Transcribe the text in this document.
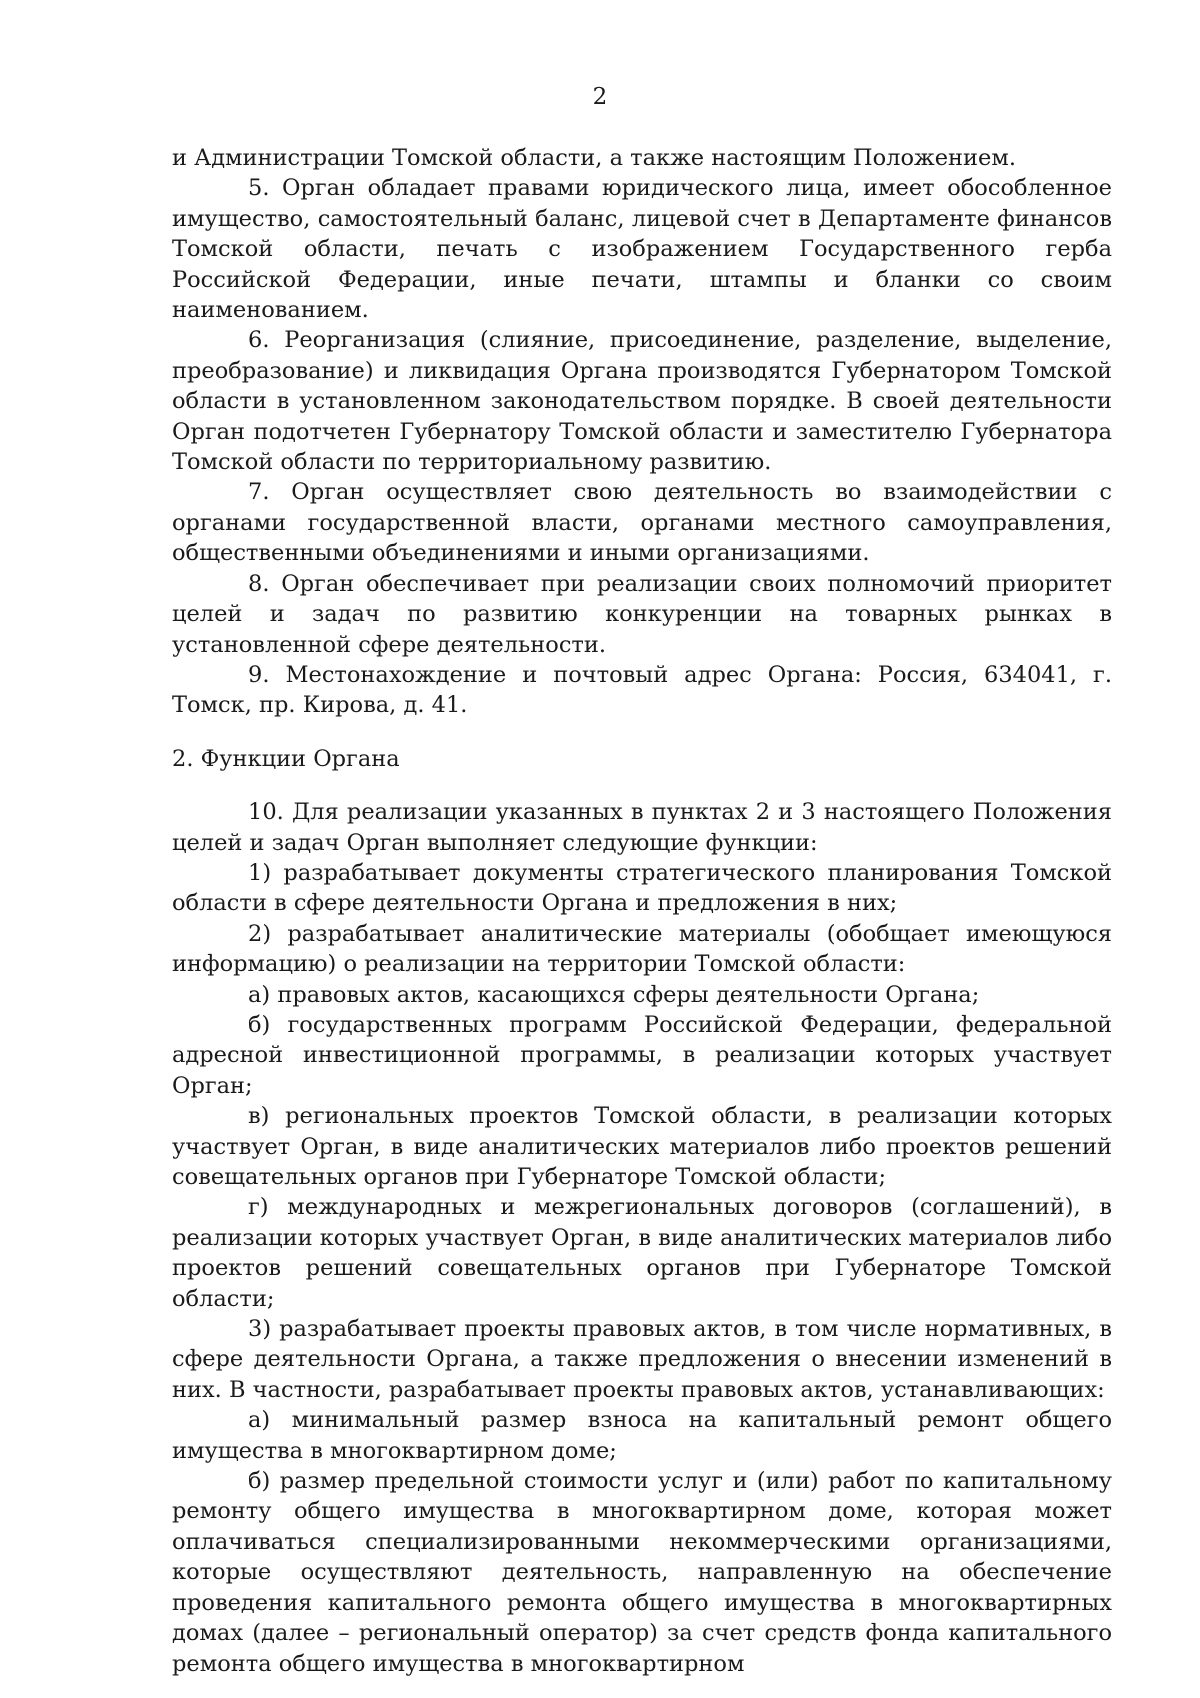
2

и Администрации Томской области, а также настоящим Положением.

5. Орган обладает правами юридического лица, имеет обособленное имущество, самостоятельный баланс, лицевой счет в Департаменте финансов Томской области, печать с изображением Государственного герба Российской Федерации, иные печати, штампы и бланки со своим наименованием.

6. Реорганизация (слияние, присоединение, разделение, выделение, преобразование) и ликвидация Органа производятся Губернатором Томской области в установленном законодательством порядке. В своей деятельности Орган подотчетен Губернатору Томской области и заместителю Губернатора Томской области по территориальному развитию.

7. Орган осуществляет свою деятельность во взаимодействии с органами государственной власти, органами местного самоуправления, общественными объединениями и иными организациями.

8. Орган обеспечивает при реализации своих полномочий приоритет целей и задач по развитию конкуренции на товарных рынках в установленной сфере деятельности.

9. Местонахождение и почтовый адрес Органа: Россия, 634041, г. Томск, пр. Кирова, д. 41.

2. Функции Органа

10. Для реализации указанных в пунктах 2 и 3 настоящего Положения целей и задач Орган выполняет следующие функции:

1) разрабатывает документы стратегического планирования Томской области в сфере деятельности Органа и предложения в них;

2) разрабатывает аналитические материалы (обобщает имеющуюся информацию) о реализации на территории Томской области:

а) правовых актов, касающихся сферы деятельности Органа;

б) государственных программ Российской Федерации, федеральной адресной инвестиционной программы, в реализации которых участвует Орган;

в) региональных проектов Томской области, в реализации которых участвует Орган, в виде аналитических материалов либо проектов решений совещательных органов при Губернаторе Томской области;

г) международных и межрегиональных договоров (соглашений), в реализации которых участвует Орган, в виде аналитических материалов либо проектов решений совещательных органов при Губернаторе Томской области;

3) разрабатывает проекты правовых актов, в том числе нормативных, в сфере деятельности Органа, а также предложения о внесении изменений в них. В частности, разрабатывает проекты правовых актов, устанавливающих:

а) минимальный размер взноса на капитальный ремонт общего имущества в многоквартирном доме;

б) размер предельной стоимости услуг и (или) работ по капитальному ремонту общего имущества в многоквартирном доме, которая может оплачиваться специализированными некоммерческими организациями, которые осуществляют деятельность, направленную на обеспечение проведения капитального ремонта общего имущества в многоквартирных домах (далее – региональный оператор) за счет средств фонда капитального ремонта общего имущества в многоквартирном
